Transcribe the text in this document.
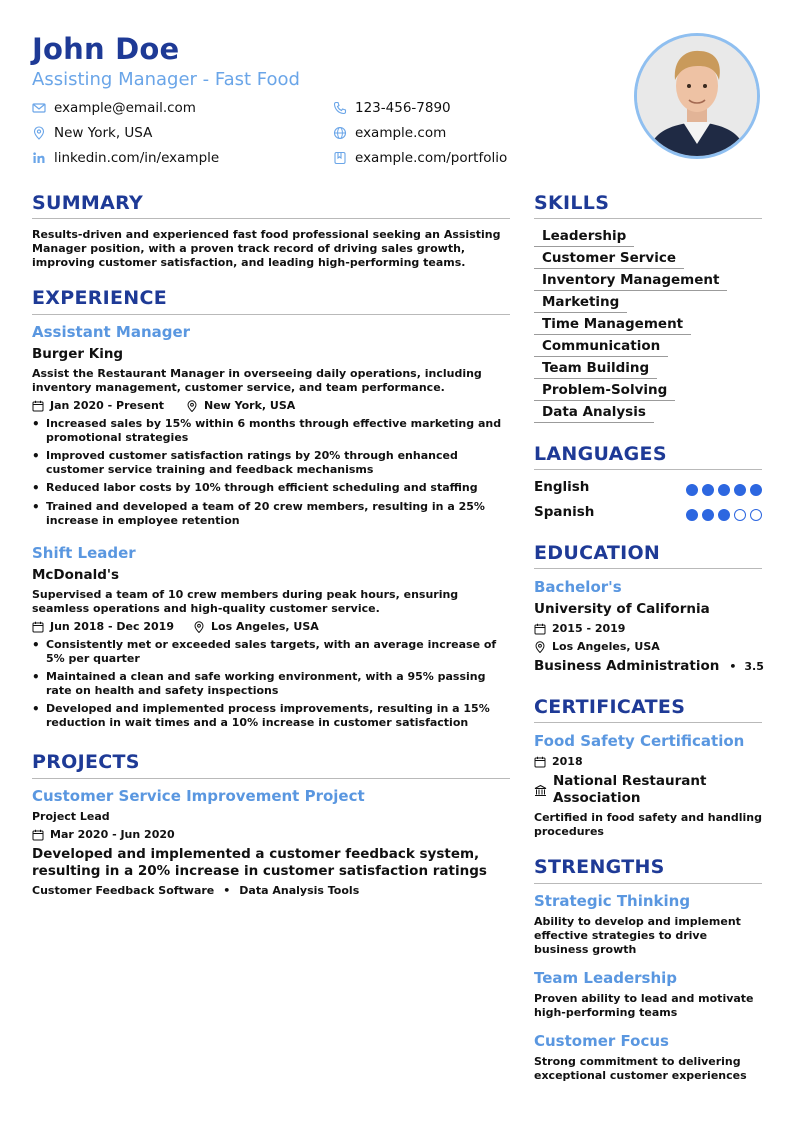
John Doe
Assisting Manager - Fast Food
example@email.com	123-456-7890
New York, USA	example.com
linkedin.com/in/example	example.com/portfolio
SUMMARY
Results-driven and experienced fast food professional seeking an Assisting Manager position, with a proven track record of driving sales growth, improving customer satisfaction, and leading high-performing teams.
EXPERIENCE
Assistant Manager
Burger King
Assist the Restaurant Manager in overseeing daily operations, including inventory management, customer service, and team performance.
Jan 2020 - Present	New York, USA
• Increased sales by 15% within 6 months through effective marketing and promotional strategies
• Improved customer satisfaction ratings by 20% through enhanced customer service training and feedback mechanisms
• Reduced labor costs by 10% through efficient scheduling and staffing
• Trained and developed a team of 20 crew members, resulting in a 25% increase in employee retention
Shift Leader
McDonald's
Supervised a team of 10 crew members during peak hours, ensuring seamless operations and high-quality customer service.
Jun 2018 - Dec 2019	Los Angeles, USA
• Consistently met or exceeded sales targets, with an average increase of 5% per quarter
• Maintained a clean and safe working environment, with a 95% passing rate on health and safety inspections
• Developed and implemented process improvements, resulting in a 15% reduction in wait times and a 10% increase in customer satisfaction
PROJECTS
Customer Service Improvement Project
Project Lead
Mar 2020 - Jun 2020
Developed and implemented a customer feedback system, resulting in a 20% increase in customer satisfaction ratings
Customer Feedback Software • Data Analysis Tools
SKILLS
Leadership
Customer Service
Inventory Management
Marketing
Time Management
Communication
Team Building
Problem-Solving
Data Analysis
LANGUAGES
English
Spanish
EDUCATION
Bachelor's
University of California
2015 - 2019
Los Angeles, USA
Business Administration • 3.5
CERTIFICATES
Food Safety Certification
2018
National Restaurant Association
Certified in food safety and handling procedures
STRENGTHS
Strategic Thinking
Ability to develop and implement effective strategies to drive business growth
Team Leadership
Proven ability to lead and motivate high-performing teams
Customer Focus
Strong commitment to delivering exceptional customer experiences
